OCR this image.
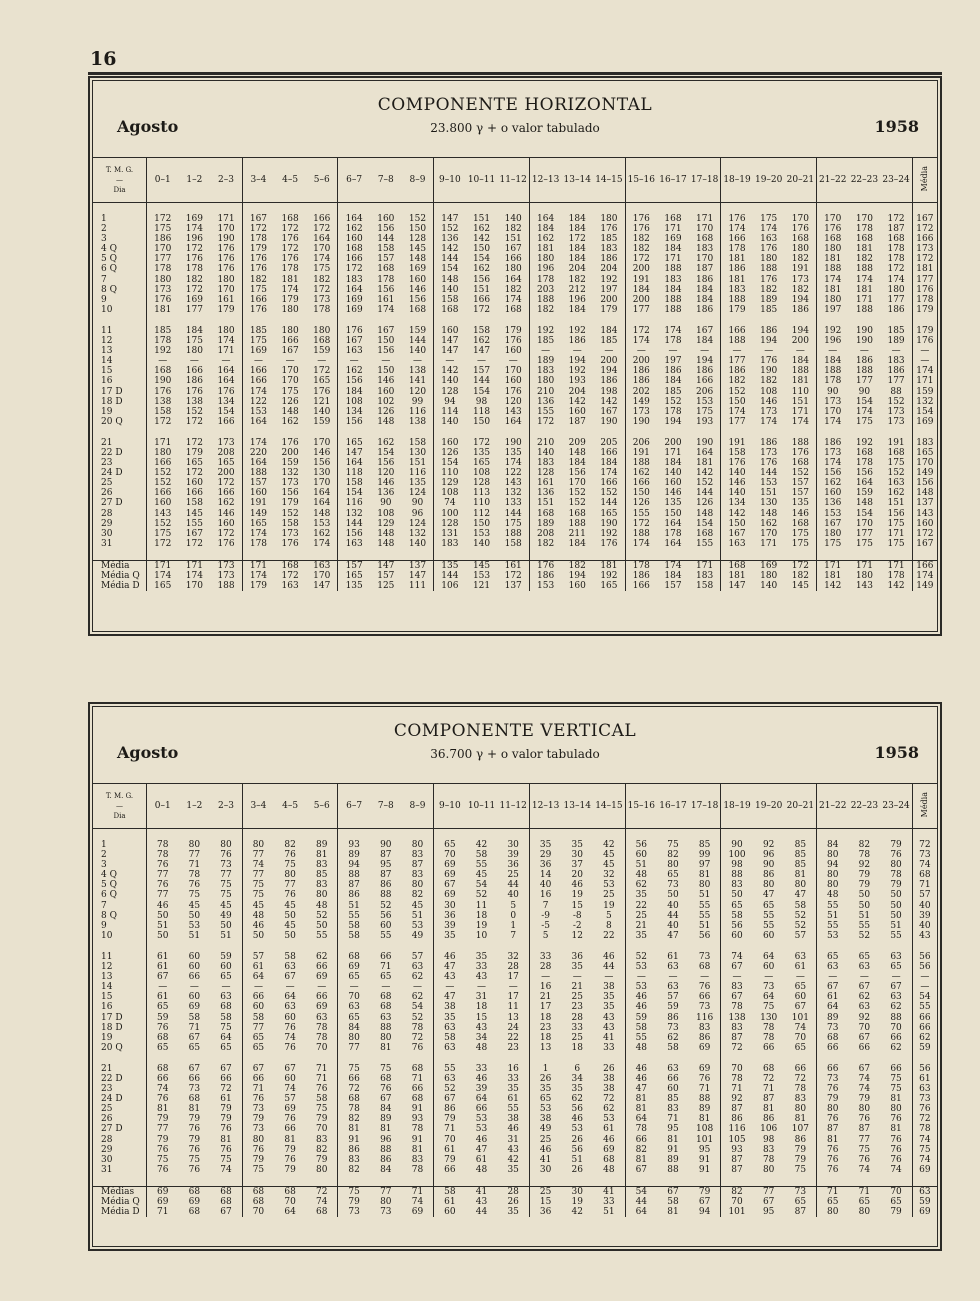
16
COMPONENTE HORIZONTAL
23.800 γ + o valor tabulado
Agosto	1958
T. M. G.
—
Dia	0–1	1–2	2–3	3–4	4–5	5–6	6–7	7–8	8–9	9–10	10–11	11–12	12–13	13–14	14–15	15–16	16–17	17–18	18–19	19–20	20–21	21–22	22–23	23–24	Média

1	172	169	171	167	168	166	164	160	152	147	151	140	164	184	180	176	168	171	176	175	170	170	170	172	167
2	175	174	170	172	172	172	162	156	150	152	162	182	184	184	176	176	171	170	174	174	176	176	178	187	172
3	186	196	190	178	176	164	160	144	128	136	142	151	162	172	185	182	169	168	166	163	168	168	168	168	166
4 Q	170	172	176	179	172	170	168	158	145	142	150	167	181	184	183	182	184	183	178	176	180	180	181	178	173
5 Q	177	176	176	176	176	174	166	157	148	144	154	166	180	184	186	172	171	170	181	180	182	181	182	178	172
6 Q	178	178	176	176	178	175	172	168	169	154	162	180	196	204	204	200	188	187	186	188	191	188	188	172	181
7	180	182	180	182	181	182	183	178	160	148	156	164	178	182	192	191	183	186	181	176	173	174	174	174	177
8 Q	173	172	170	175	174	172	164	156	146	140	151	182	203	212	197	184	184	184	183	182	182	181	181	180	176
9	176	169	161	166	179	173	169	161	156	158	166	174	188	196	200	200	188	184	188	189	194	180	171	177	178
10	181	177	179	176	180	178	169	174	168	168	172	168	182	184	179	177	188	186	179	185	186	197	188	186	179

11	185	184	180	185	180	180	176	167	159	160	158	179	192	192	184	172	174	167	166	186	194	192	190	185	179
12	178	175	174	175	166	168	167	150	144	147	162	176	185	186	185	174	178	184	188	194	200	196	190	189	176
13	192	180	171	169	167	159	163	156	140	147	147	160	—	—	—	—	—	—	—	—	—	—	—	—	—
14	—	—	—	—	—	—	—	—	—	—	—	—	189	194	200	200	197	194	177	176	184	184	186	183	—
15	168	166	164	166	170	172	162	150	138	142	157	170	183	192	194	186	186	186	186	190	188	188	188	186	174
16	190	186	164	166	170	165	156	146	141	140	144	160	180	193	186	186	184	166	182	182	181	178	177	177	171
17 D	176	176	176	174	175	176	184	160	120	128	154	176	210	204	198	202	185	206	152	108	110	90	90	88	159
18 D	138	138	134	122	126	121	108	102	99	94	98	120	136	142	142	149	152	153	150	146	151	173	154	152	132
19	158	152	154	153	148	140	134	126	116	114	118	143	155	160	167	173	178	175	174	173	171	170	174	173	154
20 Q	172	172	166	164	162	159	156	148	138	140	150	164	172	187	190	190	194	193	177	174	174	174	175	173	169

21	171	172	173	174	176	170	165	162	158	160	172	190	210	209	205	206	200	190	191	186	188	186	192	191	183
22 D	180	179	208	220	200	146	147	154	130	126	135	135	140	148	166	191	171	164	158	173	176	173	168	168	165
23	166	165	165	164	159	156	164	156	151	154	165	174	183	184	184	188	184	181	176	176	168	174	178	175	170
24 D	152	172	200	188	132	130	118	120	116	110	108	122	128	156	174	162	140	142	140	144	152	156	156	152	149
25	152	160	172	157	173	170	158	146	135	129	128	143	161	170	166	166	160	152	146	153	157	162	164	163	156
26	166	166	166	160	156	164	154	136	124	108	113	132	136	152	152	150	146	144	140	151	157	160	159	162	148
27 D	160	158	162	191	179	164	116	90	90	74	110	133	151	152	144	126	135	126	134	130	135	136	148	151	137
28	143	145	146	149	152	148	132	108	96	100	112	144	168	168	165	155	150	148	142	148	146	153	154	156	143
29	152	155	160	165	158	153	144	129	124	128	150	175	189	188	190	172	164	154	150	162	168	167	170	175	160
30	175	167	172	174	173	162	156	148	132	131	153	188	208	211	192	188	178	168	167	170	175	180	177	171	172
31	172	172	176	178	176	174	163	148	140	183	140	158	182	184	176	174	164	155	163	171	175	175	175	175	167

Média	171	171	173	171	168	163	157	147	137	135	145	161	176	182	181	178	174	171	168	169	172	171	171	171	166
Média Q	174	174	173	174	172	170	165	157	147	144	153	172	186	194	192	186	184	183	181	180	182	181	180	178	174
Média D	165	170	188	179	163	147	135	125	111	106	121	137	153	160	165	166	157	158	147	140	145	142	143	142	149
COMPONENTE VERTICAL
36.700 γ + o valor tabulado
Agosto	1958
T. M. G.
—
Dia	0–1	1–2	2–3	3–4	4–5	5–6	6–7	7–8	8–9	9–10	10–11	11–12	12–13	13–14	14–15	15–16	16–17	17–18	18–19	19–20	20–21	21–22	22–23	23–24	Média

1	78	80	80	80	82	89	93	90	80	65	42	30	35	35	42	56	75	85	90	92	85	84	82	79	72
2	78	77	76	77	76	81	89	87	83	70	58	39	29	30	45	60	82	99	100	96	85	80	78	76	73
3	76	71	73	74	75	83	94	95	87	69	55	36	36	37	45	51	80	97	98	90	85	94	92	80	74
4 Q	77	78	77	77	80	85	88	87	83	69	45	25	14	20	32	48	65	81	88	86	81	80	79	78	68
5 Q	76	76	75	75	77	83	87	86	80	67	54	44	40	46	53	62	73	80	83	80	80	80	79	79	71
6 Q	77	75	75	75	76	80	86	88	82	69	52	40	16	19	25	35	50	51	50	47	47	48	50	50	57
7	46	45	45	45	45	48	51	52	45	30	11	5	7	15	19	22	40	55	65	65	58	55	50	50	40
8 Q	50	50	49	48	50	52	55	56	51	36	18	0	-9	-8	5	25	44	55	58	55	52	51	51	50	39
9	51	53	50	46	45	50	58	60	53	39	19	1	-5	-2	8	21	40	51	56	55	52	55	55	51	40
10	50	51	51	50	50	55	58	55	49	35	10	7	5	12	22	35	47	56	60	60	57	53	52	55	43

11	61	60	59	57	58	62	68	66	57	46	35	32	33	36	46	52	61	73	74	64	63	65	65	63	56
12	61	60	60	61	63	66	69	71	63	47	33	28	28	35	44	53	63	68	67	60	61	63	63	65	56
13	67	66	65	64	67	69	65	65	62	43	43	17	—	—	—	—	—	—	—	—	—	—	—	—	—
14	—	—	—	—	—	—	—	—	—	—	—	—	16	21	38	53	63	76	83	73	65	67	67	67	—
15	61	60	63	66	64	66	70	68	62	47	31	17	21	25	35	46	57	66	67	64	60	61	62	63	54
16	65	69	68	60	63	69	63	68	54	38	18	11	17	23	35	46	59	73	78	75	67	64	63	62	55
17 D	59	58	58	58	60	63	65	63	52	35	15	13	18	28	43	59	86	116	138	130	101	89	92	88	66
18 D	76	71	75	77	76	78	84	88	78	63	43	24	23	33	43	58	73	83	83	78	74	73	70	70	66
19	68	67	64	65	74	78	80	80	72	58	34	22	18	25	41	55	62	86	87	78	70	68	67	66	62
20 Q	65	65	65	65	76	70	77	81	76	63	48	23	13	18	33	48	58	69	72	66	65	66	66	62	59

21	68	67	67	67	67	71	75	75	68	55	33	16	1	6	26	46	63	69	70	68	66	66	67	66	56
22 D	66	66	66	66	60	71	66	68	71	63	46	33	26	34	38	46	66	76	78	72	72	73	74	75	61
23	74	73	72	71	74	76	72	76	66	52	39	35	35	35	38	47	60	71	71	71	78	76	74	75	63
24 D	76	68	61	76	57	58	68	67	68	67	64	61	65	62	72	81	85	88	92	87	83	79	79	81	73
25	81	81	79	73	69	75	78	84	91	86	66	55	53	56	62	81	83	89	87	81	80	80	80	80	76
26	79	79	79	79	76	79	82	89	93	79	53	38	38	46	53	64	71	81	86	86	81	76	76	76	72
27 D	77	76	76	73	66	70	81	81	78	71	53	46	49	53	61	78	95	108	116	106	107	87	87	81	78
28	79	79	81	80	81	83	91	96	91	70	46	31	25	26	46	66	81	101	105	98	86	81	77	76	74
29	76	76	76	76	79	82	86	88	81	61	47	43	46	56	69	82	91	95	93	83	79	76	75	76	75
30	75	75	75	79	76	79	83	86	83	79	61	42	41	51	68	81	89	91	87	78	79	76	76	76	74
31	76	76	74	75	79	80	82	84	78	66	48	35	30	26	48	67	88	91	87	80	75	76	74	74	69

Médias	69	68	68	68	68	72	75	77	71	58	41	28	25	30	41	54	67	79	82	77	73	71	71	70	63
Média Q	69	69	68	68	70	74	79	80	74	61	43	26	15	19	33	44	58	67	70	67	65	65	65	65	59
Média D	71	68	67	70	64	68	73	73	69	60	44	35	36	42	51	64	81	94	101	95	87	80	80	79	69
